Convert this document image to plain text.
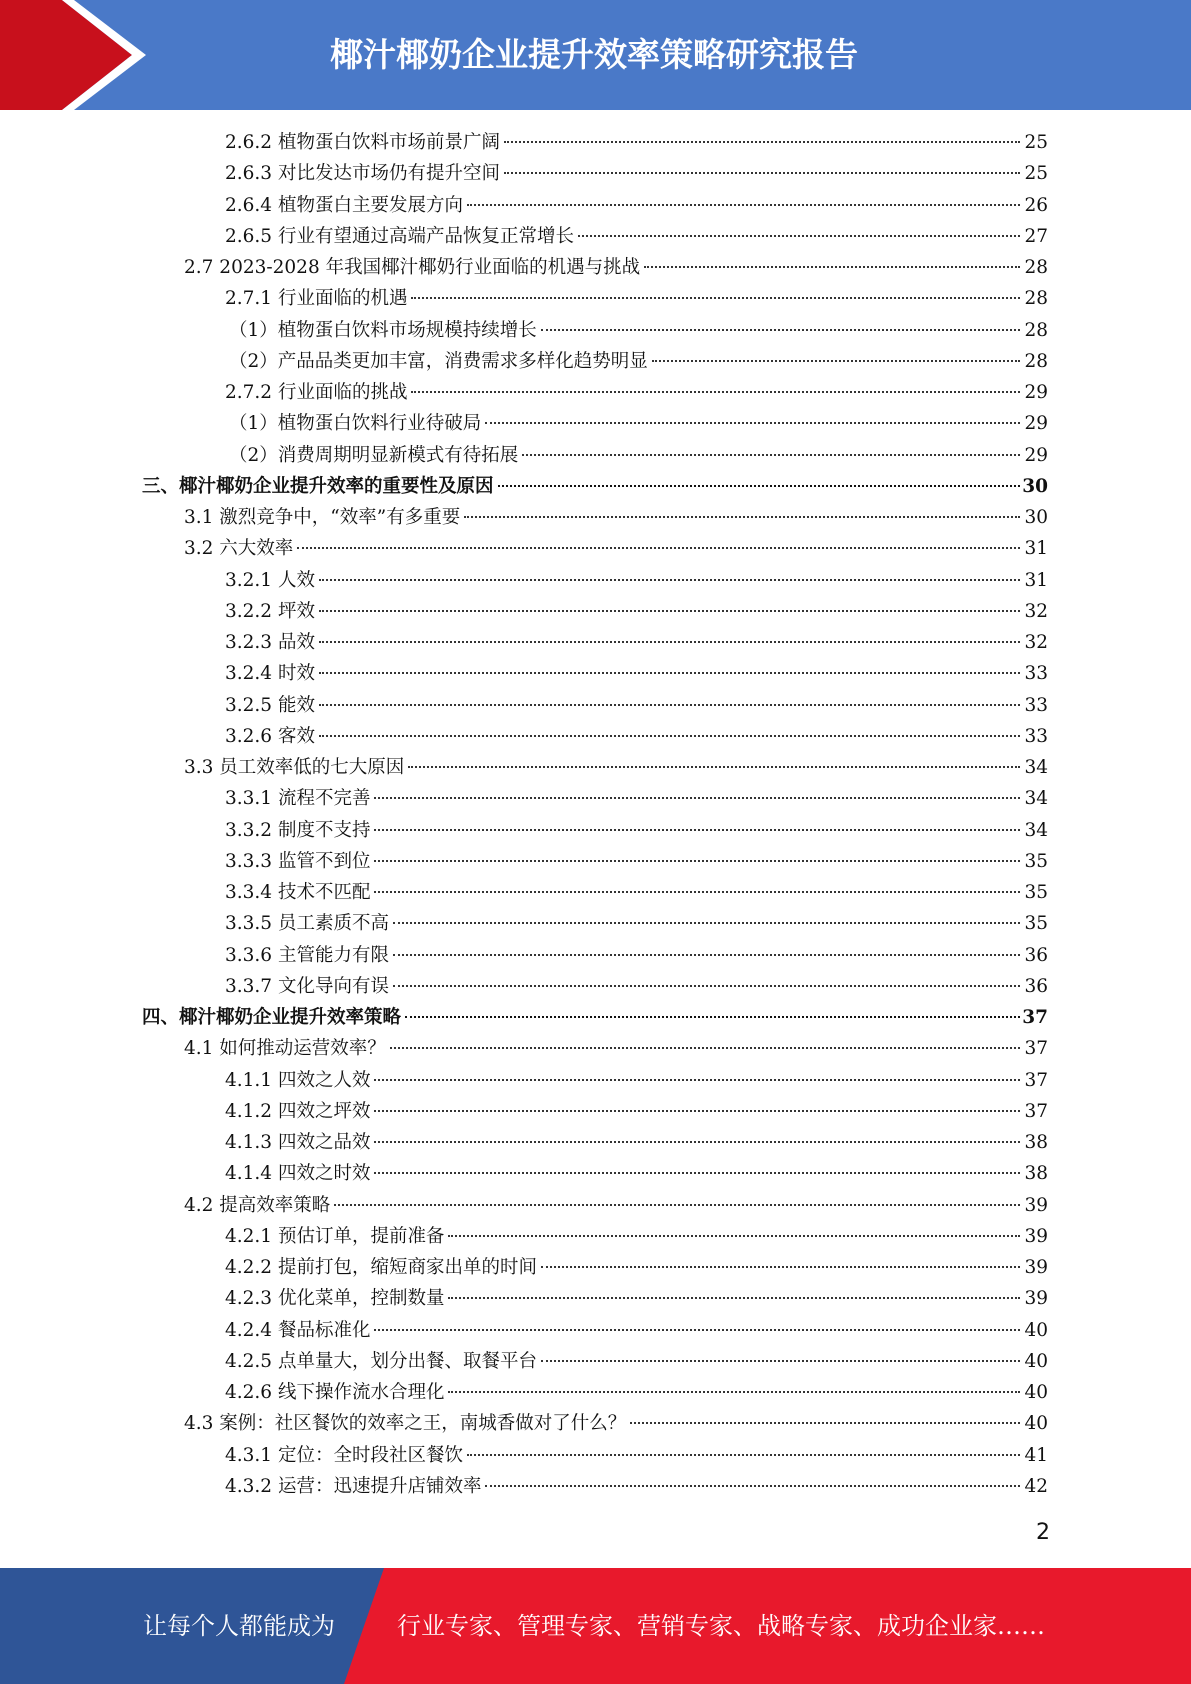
椰汁椰奶企业提升效率策略研究报告
2.6.2 植物蛋白饮料市场前景广阔	25
2.6.3 对比发达市场仍有提升空间	25
2.6.4 植物蛋白主要发展方向	26
2.6.5 行业有望通过高端产品恢复正常增长	27
2.7 2023-2028 年我国椰汁椰奶行业面临的机遇与挑战	28
2.7.1 行业面临的机遇	28
（1）植物蛋白饮料市场规模持续增长	28
（2）产品品类更加丰富，消费需求多样化趋势明显	28
2.7.2 行业面临的挑战	29
（1）植物蛋白饮料行业待破局	29
（2）消费周期明显新模式有待拓展	29
三、椰汁椰奶企业提升效率的重要性及原因	30
3.1 激烈竞争中，“效率”有多重要	30
3.2 六大效率	31
3.2.1 人效	31
3.2.2 坪效	32
3.2.3 品效	32
3.2.4 时效	33
3.2.5 能效	33
3.2.6 客效	33
3.3 员工效率低的七大原因	34
3.3.1 流程不完善	34
3.3.2 制度不支持	34
3.3.3 监管不到位	35
3.3.4 技术不匹配	35
3.3.5 员工素质不高	35
3.3.6 主管能力有限	36
3.3.7 文化导向有误	36
四、椰汁椰奶企业提升效率策略	37
4.1 如何推动运营效率？	37
4.1.1 四效之人效	37
4.1.2 四效之坪效	37
4.1.3 四效之品效	38
4.1.4 四效之时效	38
4.2 提高效率策略	39
4.2.1 预估订单，提前准备	39
4.2.2 提前打包，缩短商家出单的时间	39
4.2.3 优化菜单，控制数量	39
4.2.4 餐品标准化	40
4.2.5 点单量大，划分出餐、取餐平台	40
4.2.6 线下操作流水合理化	40
4.3 案例：社区餐饮的效率之王，南城香做对了什么？	40
4.3.1 定位：全时段社区餐饮	41
4.3.2 运营：迅速提升店铺效率	42
2
让每个人都能成为	行业专家、管理专家、营销专家、战略专家、成功企业家……
